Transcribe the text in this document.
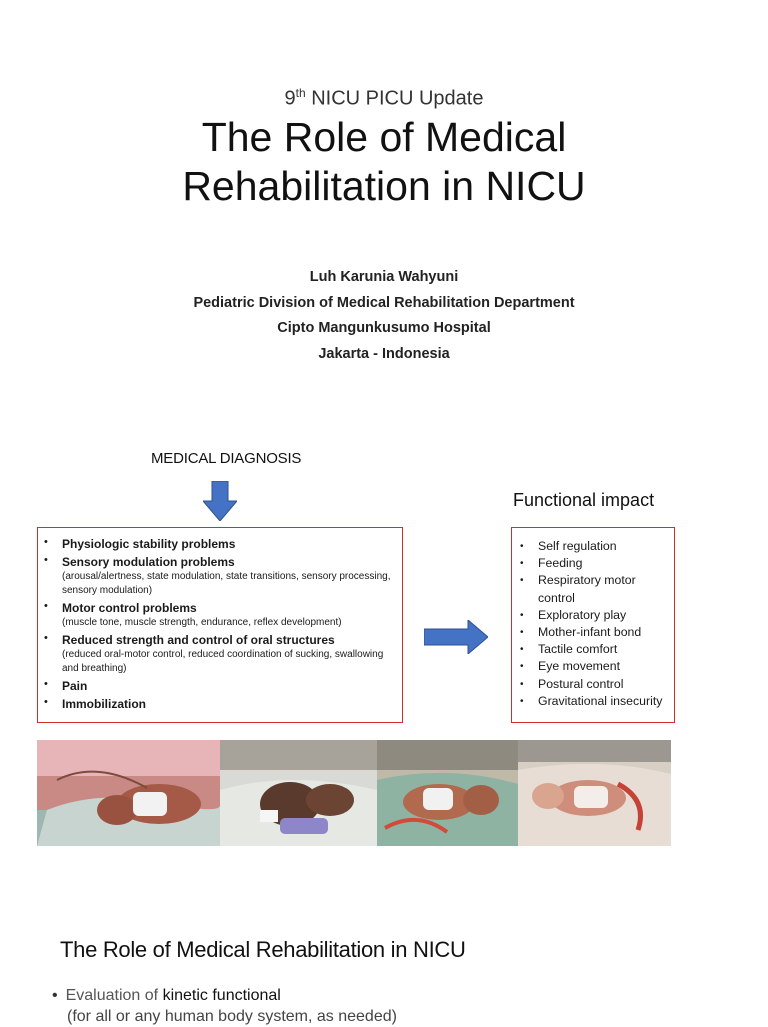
9th NICU PICU Update
The Role of Medical
Rehabilitation in NICU
Luh Karunia Wahyuni
Pediatric Division of Medical Rehabilitation Department
Cipto Mangunkusumo Hospital
Jakarta - Indonesia
MEDICAL DIAGNOSIS
Functional impact
• Physiologic stability problems
• Sensory modulation problems
(arousal/alertness, state modulation, state transitions, sensory processing, sensory modulation)
• Motor control problems
(muscle tone, muscle strength, endurance, reflex development)
• Reduced strength and control of oral structures
(reduced oral-motor control, reduced coordination of sucking, swallowing and breathing)
• Pain
• Immobilization
• Self regulation
• Feeding
• Respiratory motor control
• Exploratory play
• Mother-infant bond
• Tactile comfort
• Eye movement
• Postural control
• Gravitational insecurity
The Role of Medical Rehabilitation in NICU
• Evaluation of kinetic functional
(for all or any human body system, as needed)
